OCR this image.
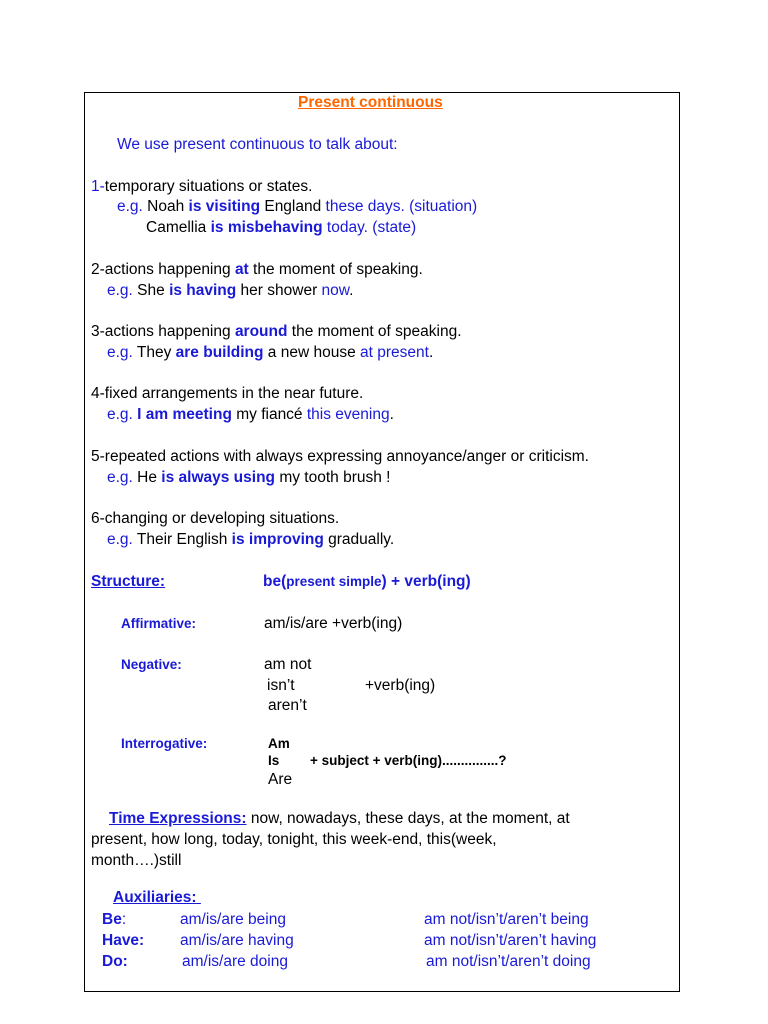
Present continuous
We use present continuous to talk about:
1-temporary situations or states.
e.g. Noah is visiting England these days. (situation)
Camellia is misbehaving today. (state)
2-actions happening at the moment of speaking.
e.g. She is having her shower now.
3-actions happening around the moment of speaking.
e.g. They are building a new house at present.
4-fixed arrangements in the near future.
e.g. I am meeting my fiancé this evening.
5-repeated actions with always expressing annoyance/anger or criticism.
e.g. He is always using my tooth brush !
6-changing or developing situations.
e.g. Their English is improving gradually.
Structure:	be(present simple) + verb(ing)
Affirmative:	am/is/are +verb(ing)
Negative:	am not
isn’t	+verb(ing)
aren’t
Interrogative:	Am
Is + subject + verb(ing)...............?
Are
Time Expressions: now, nowadays, these days, at the moment, at
present, how long, today, tonight, this week-end, this(week,
month….)still
Auxiliaries:
Be:	am/is/are being	am not/isn’t/aren’t being
Have: am/is/are having	am not/isn’t/aren’t having
Do:	am/is/are doing	am not/isn’t/aren’t doing
